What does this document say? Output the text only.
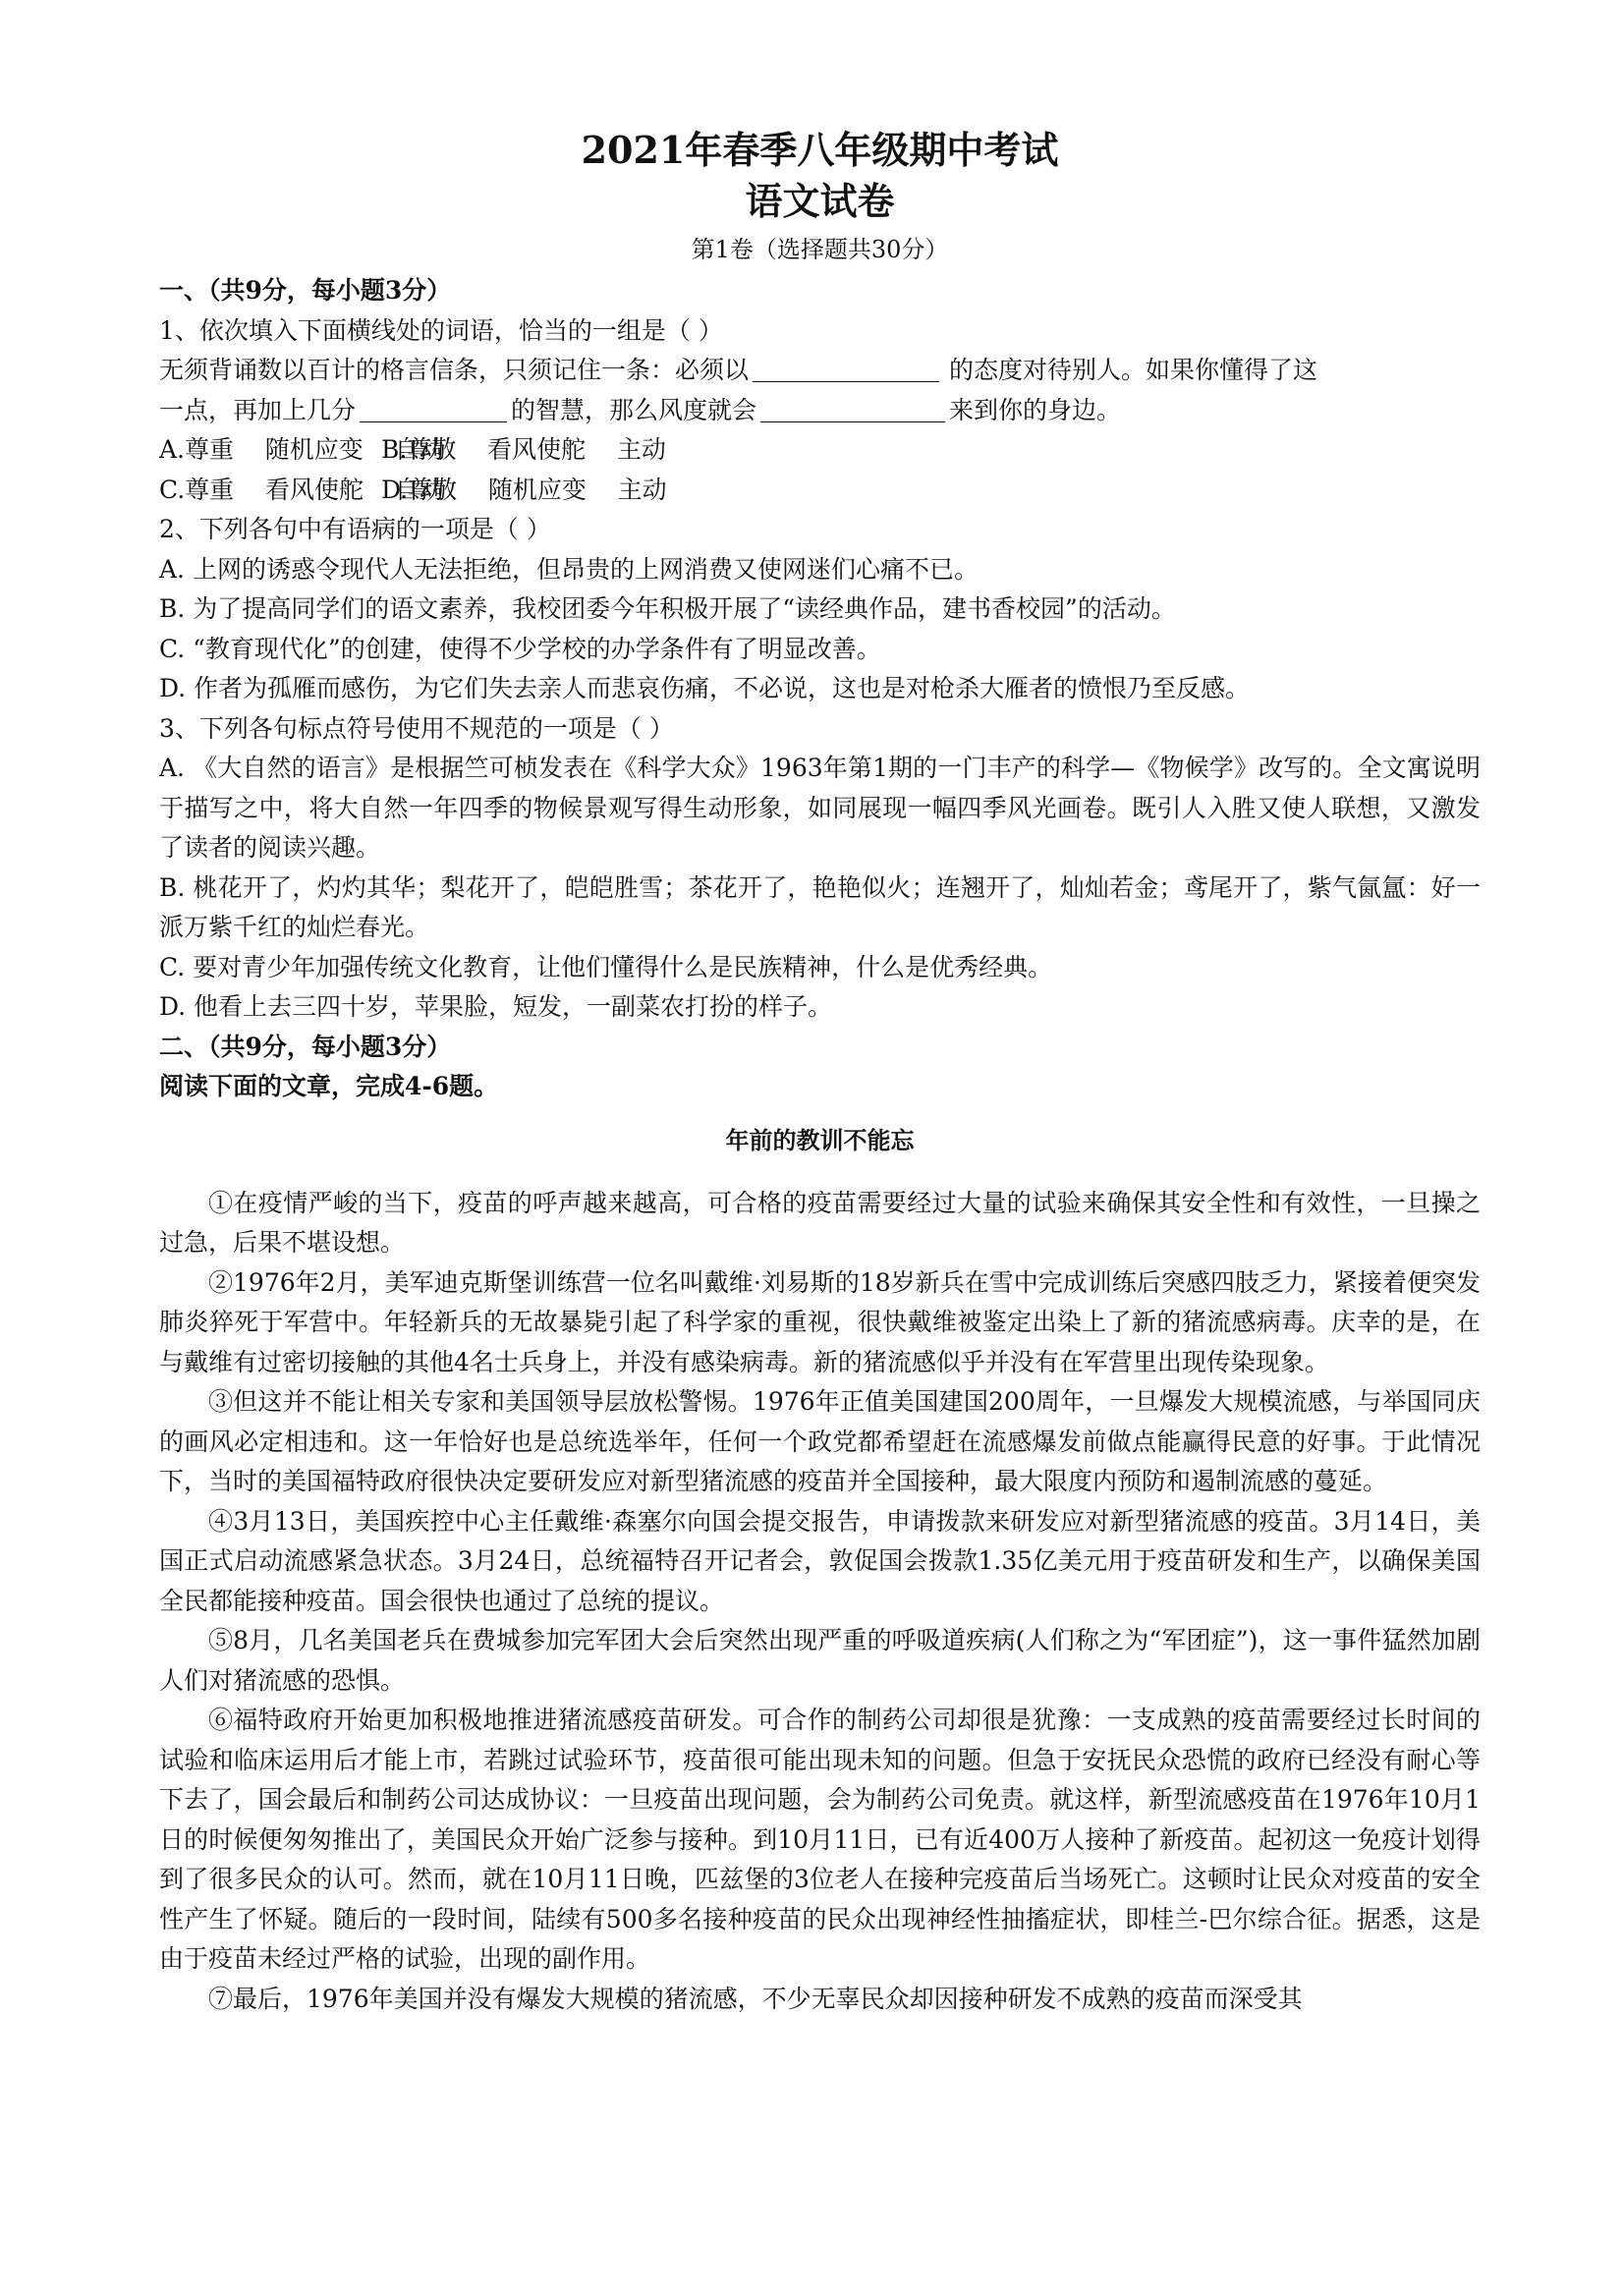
2021年春季八年级期中考试

语文试卷

第1卷（选择题共30分）

一、（共9分，每小题3分）

1、依次填入下面横线处的词语，恰当的一组是（ ）

无须背诵数以百计的格言信条，只须记住一条：必须以	的态度对待别人。如果你懂得了这

一点，再加上几分	的智慧，那么风度就会	来到你的身边。

A.尊重    随机应变    自动B.尊敬    看风使舵    主动

C.尊重    看风使舵    自动D.尊敬    随机应变    主动

2、下列各句中有语病的一项是（ ）

A. 上网的诱惑令现代人无法拒绝，但昂贵的上网消费又使网迷们心痛不已。

B. 为了提高同学们的语文素养，我校团委今年积极开展了“读经典作品，建书香校园”的活动。

C. “教育现代化”的创建，使得不少学校的办学条件有了明显改善。

D. 作者为孤雁而感伤，为它们失去亲人而悲哀伤痛，不必说，这也是对枪杀大雁者的愤恨乃至反感。

3、下列各句标点符号使用不规范的一项是（ ）

A. 《大自然的语言》是根据竺可桢发表在《科学大众》1963年第1期的一门丰产的科学—《物候学》改写的。全文寓说明于描写之中，将大自然一年四季的物候景观写得生动形象，如同展现一幅四季风光画卷。既引人入胜又使人联想，又激发了读者的阅读兴趣。

B. 桃花开了，灼灼其华；梨花开了，皑皑胜雪；茶花开了，艳艳似火；连翘开了，灿灿若金；鸢尾开了，紫气氤氲：好一派万紫千红的灿烂春光。

C. 要对青少年加强传统文化教育，让他们懂得什么是民族精神，什么是优秀经典。

D. 他看上去三四十岁，苹果脸，短发，一副菜农打扮的样子。

二、（共9分，每小题3分）

阅读下面的文章，完成4-6题。

年前的教训不能忘

①在疫情严峻的当下，疫苗的呼声越来越高，可合格的疫苗需要经过大量的试验来确保其安全性和有效性，一旦操之过急，后果不堪设想。

②1976年2月，美军迪克斯堡训练营一位名叫戴维·刘易斯的18岁新兵在雪中完成训练后突感四肢乏力，紧接着便突发肺炎猝死于军营中。年轻新兵的无故暴毙引起了科学家的重视，很快戴维被鉴定出染上了新的猪流感病毒。庆幸的是，在与戴维有过密切接触的其他4名士兵身上，并没有感染病毒。新的猪流感似乎并没有在军营里出现传染现象。

③但这并不能让相关专家和美国领导层放松警惕。1976年正值美国建国200周年，一旦爆发大规模流感，与举国同庆的画风必定相违和。这一年恰好也是总统选举年，任何一个政党都希望赶在流感爆发前做点能赢得民意的好事。于此情况下，当时的美国福特政府很快决定要研发应对新型猪流感的疫苗并全国接种，最大限度内预防和遏制流感的蔓延。

④3月13日，美国疾控中心主任戴维·森塞尔向国会提交报告，申请拨款来研发应对新型猪流感的疫苗。3月14日，美国正式启动流感紧急状态。3月24日，总统福特召开记者会，敦促国会拨款1.35亿美元用于疫苗研发和生产，以确保美国全民都能接种疫苗。国会很快也通过了总统的提议。

⑤8月，几名美国老兵在费城参加完军团大会后突然出现严重的呼吸道疾病(人们称之为“军团症”)，这一事件猛然加剧人们对猪流感的恐惧。

⑥福特政府开始更加积极地推进猪流感疫苗研发。可合作的制药公司却很是犹豫：一支成熟的疫苗需要经过长时间的试验和临床运用后才能上市，若跳过试验环节，疫苗很可能出现未知的问题。但急于安抚民众恐慌的政府已经没有耐心等下去了，国会最后和制药公司达成协议：一旦疫苗出现问题，会为制药公司免责。就这样，新型流感疫苗在1976年10月1日的时候便匆匆推出了，美国民众开始广泛参与接种。到10月11日，已有近400万人接种了新疫苗。起初这一免疫计划得到了很多民众的认可。然而，就在10月11日晚，匹兹堡的3位老人在接种完疫苗后当场死亡。这顿时让民众对疫苗的安全性产生了怀疑。随后的一段时间，陆续有500多名接种疫苗的民众出现神经性抽搐症状，即桂兰-巴尔综合征。据悉，这是由于疫苗未经过严格的试验，出现的副作用。

⑦最后，1976年美国并没有爆发大规模的猪流感，不少无辜民众却因接种研发不成熟的疫苗而深受其
